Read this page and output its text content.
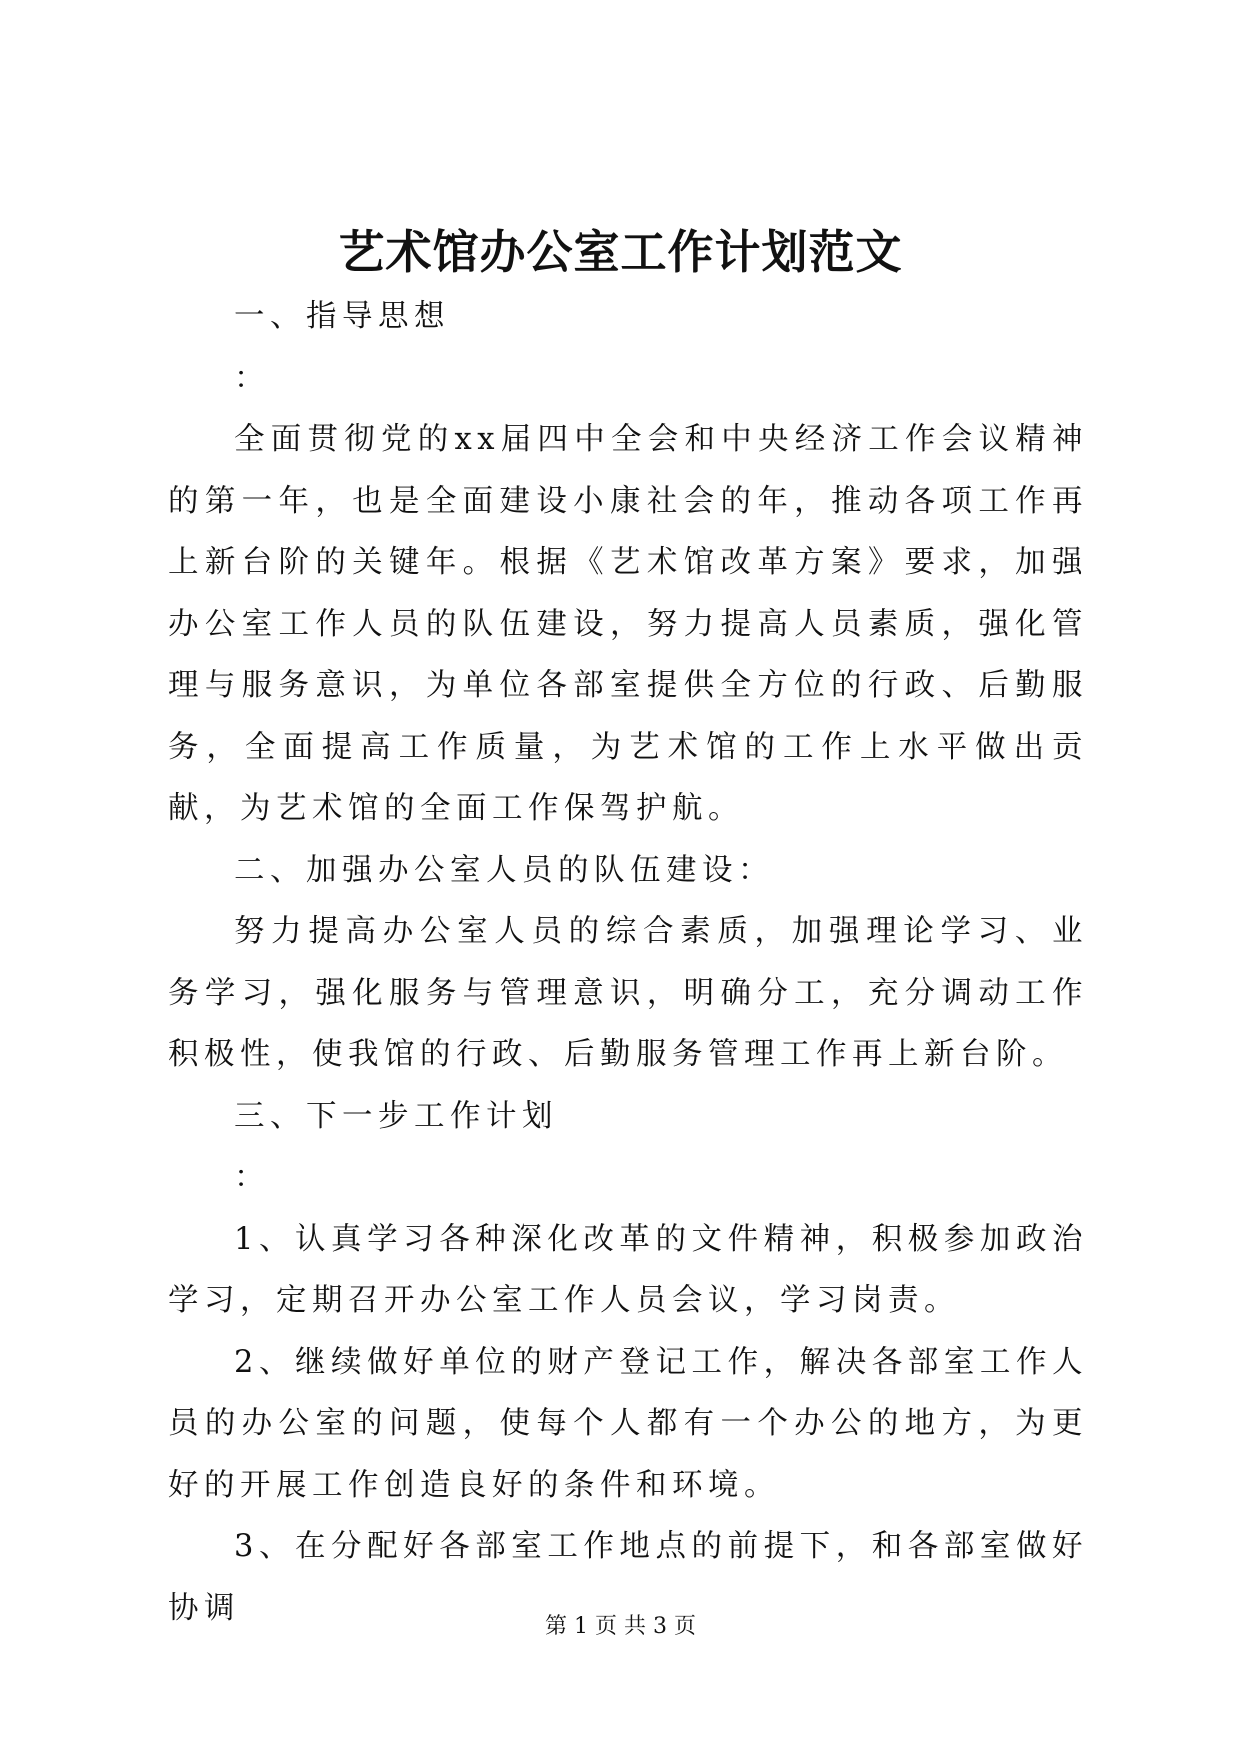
艺术馆办公室工作计划范文

一、指导思想

：

全面贯彻党的xx届四中全会和中央经济工作会议精神的第一年，也是全面建设小康社会的年，推动各项工作再上新台阶的关键年。根据《艺术馆改革方案》要求，加强办公室工作人员的队伍建设，努力提高人员素质，强化管理与服务意识，为单位各部室提供全方位的行政、后勤服务，全面提高工作质量，为艺术馆的工作上水平做出贡献，为艺术馆的全面工作保驾护航。

二、加强办公室人员的队伍建设：

努力提高办公室人员的综合素质，加强理论学习、业务学习，强化服务与管理意识，明确分工，充分调动工作积极性，使我馆的行政、后勤服务管理工作再上新台阶。

三、下一步工作计划

：

1、认真学习各种深化改革的文件精神，积极参加政治学习，定期召开办公室工作人员会议，学习岗责。

2、继续做好单位的财产登记工作，解决各部室工作人员的办公室的问题，使每个人都有一个办公的地方，为更好的开展工作创造良好的条件和环境。

3、在分配好各部室工作地点的前提下，和各部室做好协调

第 1 页 共 3 页
